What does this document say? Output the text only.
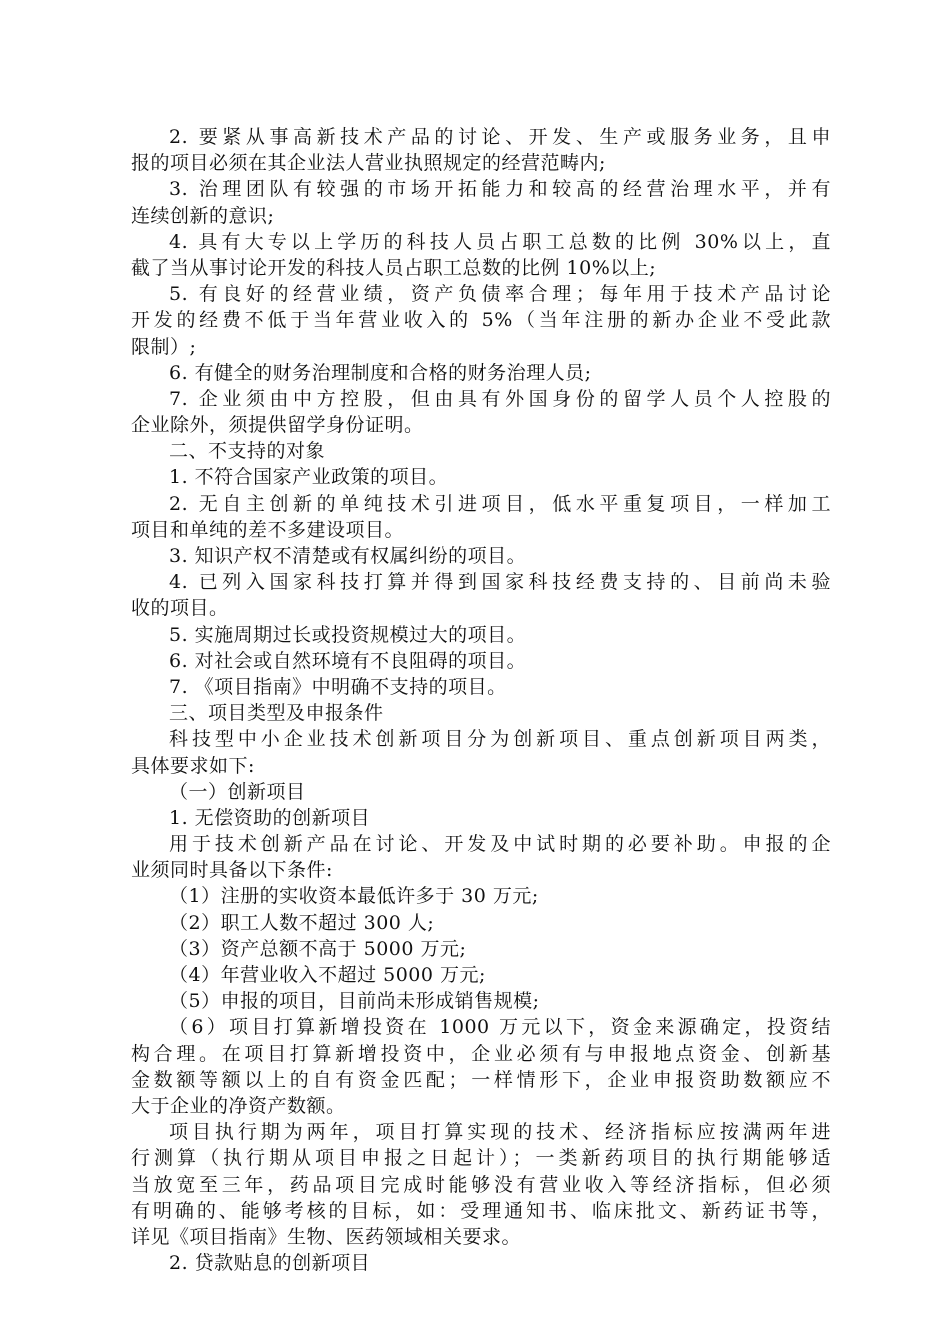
2. 要紧从事高新技术产品的讨论、开发、生产或服务业务，且申
报的项目必须在其企业法人营业执照规定的经营范畴内;
3. 治理团队有较强的市场开拓能力和较高的经营治理水平，并有
连续创新的意识;
4. 具有大专以上学历的科技人员占职工总数的比例 30%以上，直
截了当从事讨论开发的科技人员占职工总数的比例 10%以上;
5. 有良好的经营业绩，资产负债率合理；每年用于技术产品讨论
开发的经费不低于当年营业收入的 5%（当年注册的新办企业不受此款
限制）;
6. 有健全的财务治理制度和合格的财务治理人员;
7. 企业须由中方控股，但由具有外国身份的留学人员个人控股的
企业除外，须提供留学身份证明。
二、不支持的对象
1. 不符合国家产业政策的项目。
2. 无自主创新的单纯技术引进项目，低水平重复项目，一样加工
项目和单纯的差不多建设项目。
3. 知识产权不清楚或有权属纠纷的项目。
4. 已列入国家科技打算并得到国家科技经费支持的、目前尚未验
收的项目。
5. 实施周期过长或投资规模过大的项目。
6. 对社会或自然环境有不良阻碍的项目。
7. 《项目指南》中明确不支持的项目。
三、项目类型及申报条件
科技型中小企业技术创新项目分为创新项目、重点创新项目两类，
具体要求如下:
（一）创新项目
1. 无偿资助的创新项目
用于技术创新产品在讨论、开发及中试时期的必要补助。申报的企
业须同时具备以下条件:
（1）注册的实收资本最低许多于 30 万元;
（2）职工人数不超过 300 人;
（3）资产总额不高于 5000 万元;
（4）年营业收入不超过 5000 万元;
（5）申报的项目，目前尚未形成销售规模;
（6）项目打算新增投资在 1000 万元以下，资金来源确定，投资结
构合理。在项目打算新增投资中，企业必须有与申报地点资金、创新基
金数额等额以上的自有资金匹配；一样情形下，企业申报资助数额应不
大于企业的净资产数额。
项目执行期为两年，项目打算实现的技术、经济指标应按满两年进
行测算（执行期从项目申报之日起计）；一类新药项目的执行期能够适
当放宽至三年，药品项目完成时能够没有营业收入等经济指标，但必须
有明确的、能够考核的目标，如：受理通知书、临床批文、新药证书等，
详见《项目指南》生物、医药领域相关要求。
2. 贷款贴息的创新项目
